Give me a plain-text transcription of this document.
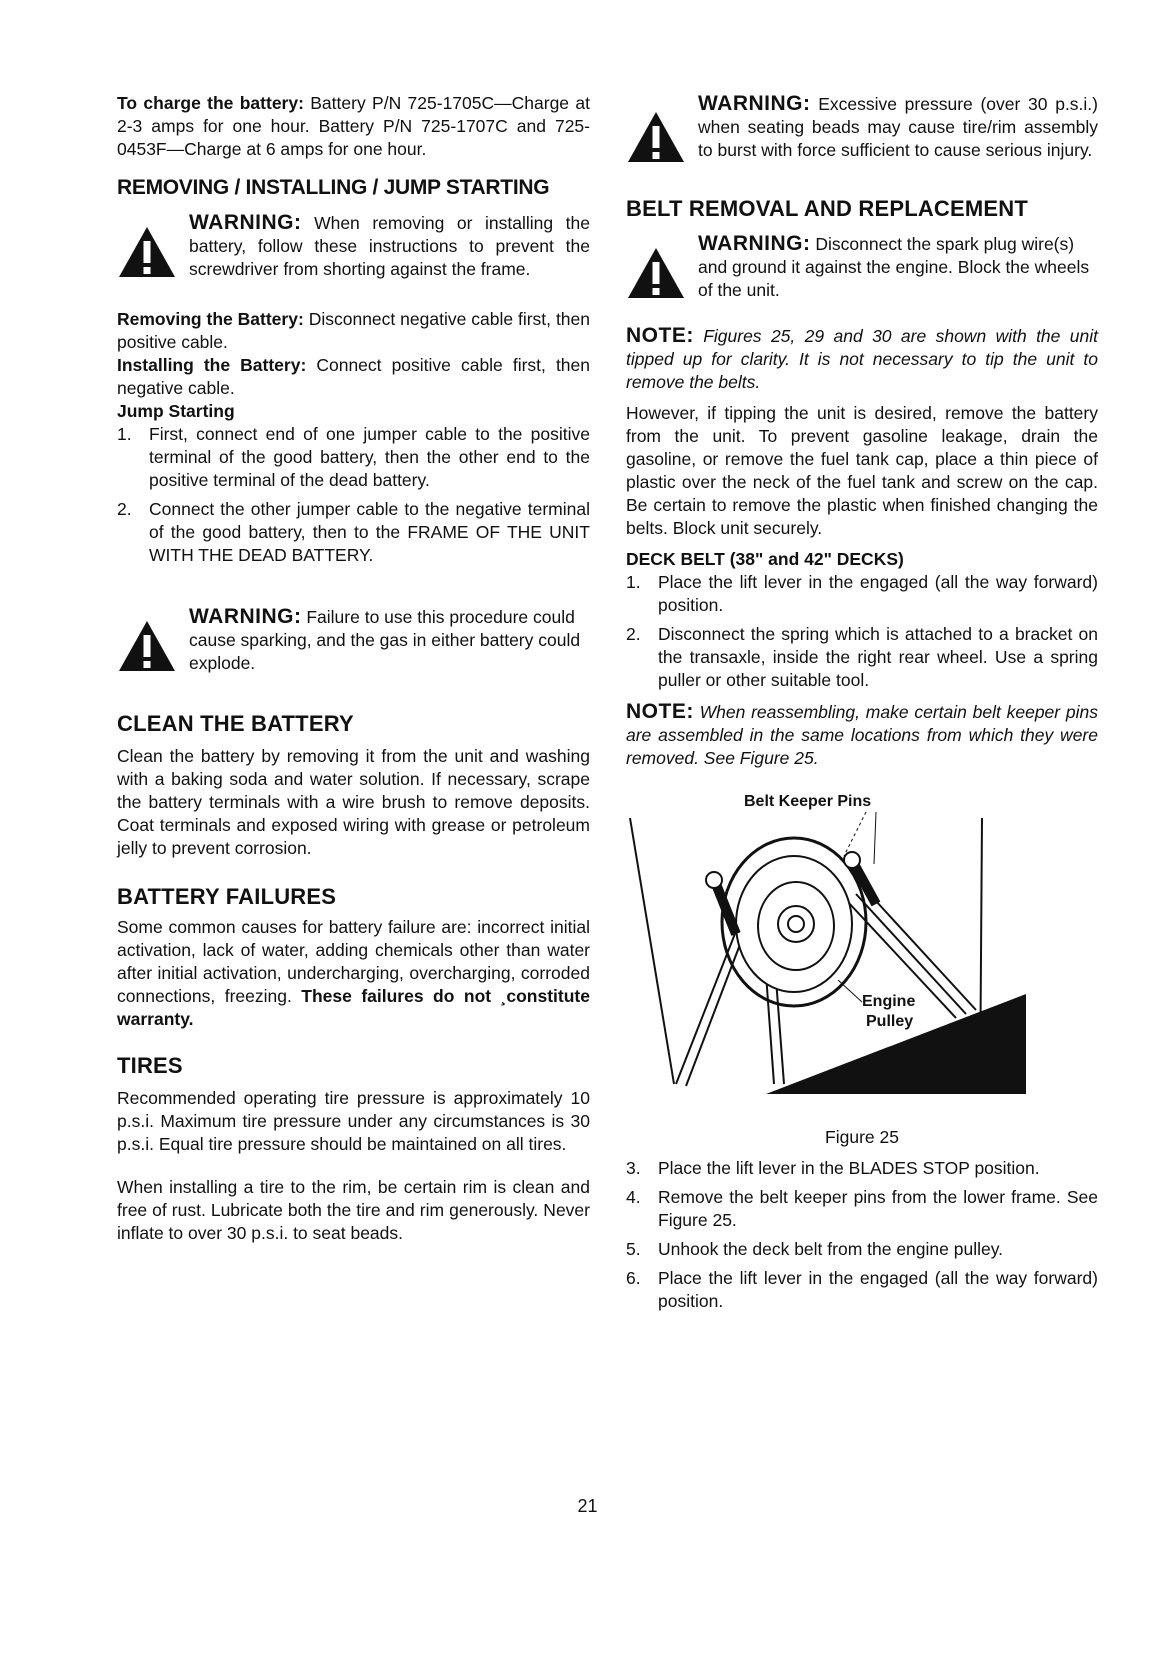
To charge the battery: Battery P/N 725-1705C—Charge at 2-3 amps for one hour. Battery P/N 725-1707C and 725-0453F—Charge at 6 amps for one hour.

REMOVING / INSTALLING / JUMP STARTING
WARNING: When removing or installing the battery, follow these instructions to prevent the screwdriver from shorting against the frame.

Removing the Battery: Disconnect negative cable first, then positive cable.

Installing the Battery: Connect positive cable first, then negative cable.

Jump Starting

1. First, connect end of one jumper cable to the positive terminal of the good battery, then the other end to the positive terminal of the dead battery.
2. Connect the other jumper cable to the negative terminal of the good battery, then to the FRAME OF THE UNIT WITH THE DEAD BATTERY.
WARNING: Failure to use this procedure could cause sparking, and the gas in either battery could explode.
CLEAN THE BATTERY

Clean the battery by removing it from the unit and washing with a baking soda and water solution. If necessary, scrape the battery terminals with a wire brush to remove deposits. Coat terminals and exposed wiring with grease or petroleum jelly to prevent corrosion.

BATTERY FAILURES

Some common causes for battery failure are: incorrect initial activation, lack of water, adding chemicals other than water after initial activation, undercharging, overcharging, corroded connections, freezing. These failures do not ¸constitute warranty.

TIRES

Recommended operating tire pressure is approximately 10 p.s.i. Maximum tire pressure under any circumstances is 30 p.s.i. Equal tire pressure should be maintained on all tires.

When installing a tire to the rim, be certain rim is clean and free of rust. Lubricate both the tire and rim generously. Never inflate to over 30 p.s.i. to seat beads.

WARNING: Excessive pressure (over 30 p.s.i.) when seating beads may cause tire/rim assembly to burst with force sufficient to cause serious injury.
BELT REMOVAL AND REPLACEMENT
WARNING: Disconnect the spark plug wire(s) and ground it against the engine. Block the wheels of the unit.

NOTE: Figures 25, 29 and 30 are shown with the unit tipped up for clarity. It is not necessary to tip the unit to remove the belts.

However, if tipping the unit is desired, remove the battery from the unit. To prevent gasoline leakage, drain the gasoline, or remove the fuel tank cap, place a thin piece of plastic over the neck of the fuel tank and screw on the cap. Be certain to remove the plastic when finished changing the belts. Block unit securely.

DECK BELT (38" and 42" DECKS)

1. Place the lift lever in the engaged (all the way forward) position.
2. Disconnect the spring which is attached to a bracket on the transaxle, inside the right rear wheel. Use a spring puller or other suitable tool.

NOTE: When reassembling, make certain belt keeper pins are assembled in the same locations from which they were removed. See Figure 25.

Belt Keeper Pins
Engine
Pulley
Figure 25
3. Place the lift lever in the BLADES STOP position.
4. Remove the belt keeper pins from the lower frame. See Figure 25.
5. Unhook the deck belt from the engine pulley.
6. Place the lift lever in the engaged (all the way forward) position.
21
